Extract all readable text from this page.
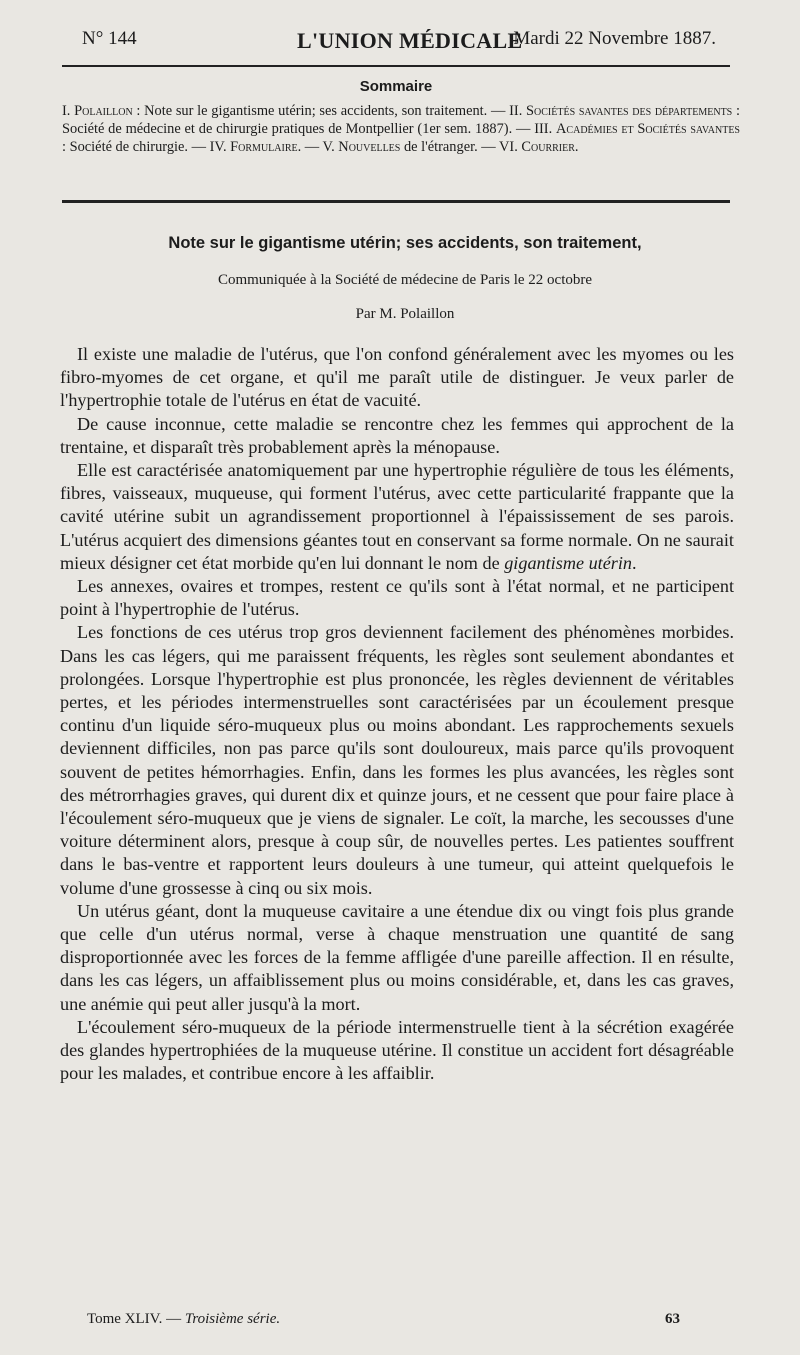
N° 144	L'UNION MÉDICALE
Mardi 22 Novembre 1887.
Sommaire
I. Polaillon : Note sur le gigantisme utérin; ses accidents, son traitement. — II. Sociétés savantes des départements : Société de médecine et de chirurgie pratiques de Montpellier (1er sem. 1887). — III. Académies et Sociétés savantes : Société de chirurgie. — IV. Formulaire. — V. Nouvelles de l'étranger. — VI. Courrier.
Note sur le gigantisme utérin; ses accidents, son traitement,
Communiquée à la Société de médecine de Paris le 22 octobre
Par M. Polaillon

Il existe une maladie de l'utérus, que l'on confond généralement avec les myomes ou les fibro-myomes de cet organe, et qu'il me paraît utile de distinguer. Je veux parler de l'hypertrophie totale de l'utérus en état de vacuité.

De cause inconnue, cette maladie se rencontre chez les femmes qui approchent de la trentaine, et disparaît très probablement après la ménopause.

Elle est caractérisée anatomiquement par une hypertrophie régulière de tous les éléments, fibres, vaisseaux, muqueuse, qui forment l'utérus, avec cette particularité frappante que la cavité utérine subit un agrandissement proportionnel à l'épaississement de ses parois. L'utérus acquiert des dimensions géantes tout en conservant sa forme normale. On ne saurait mieux désigner cet état morbide qu'en lui donnant le nom de gigantisme utérin.

Les annexes, ovaires et trompes, restent ce qu'ils sont à l'état normal, et ne participent point à l'hypertrophie de l'utérus.

Les fonctions de ces utérus trop gros deviennent facilement des phénomènes morbides. Dans les cas légers, qui me paraissent fréquents, les règles sont seulement abondantes et prolongées. Lorsque l'hypertrophie est plus prononcée, les règles deviennent de véritables pertes, et les périodes intermenstruelles sont caractérisées par un écoulement presque continu d'un liquide séro-muqueux plus ou moins abondant. Les rapprochements sexuels deviennent difficiles, non pas parce qu'ils sont douloureux, mais parce qu'ils provoquent souvent de petites hémorrhagies. Enfin, dans les formes les plus avancées, les règles sont des métrorrhagies graves, qui durent dix et quinze jours, et ne cessent que pour faire place à l'écoulement séro-muqueux que je viens de signaler. Le coït, la marche, les secousses d'une voiture déterminent alors, presque à coup sûr, de nouvelles pertes. Les patientes souffrent dans le bas-ventre et rapportent leurs douleurs à une tumeur, qui atteint quelquefois le volume d'une grossesse à cinq ou six mois.

Un utérus géant, dont la muqueuse cavitaire a une étendue dix ou vingt fois plus grande que celle d'un utérus normal, verse à chaque menstruation une quantité de sang disproportionnée avec les forces de la femme affligée d'une pareille affection. Il en résulte, dans les cas légers, un affaiblissement plus ou moins considérable, et, dans les cas graves, une anémie qui peut aller jusqu'à la mort.

L'écoulement séro-muqueux de la période intermenstruelle tient à la sécrétion exagérée des glandes hypertrophiées de la muqueuse utérine. Il constitue un accident fort désagréable pour les malades, et contribue encore à les affaiblir.

Tome XLIV. — Troisième série.	63
